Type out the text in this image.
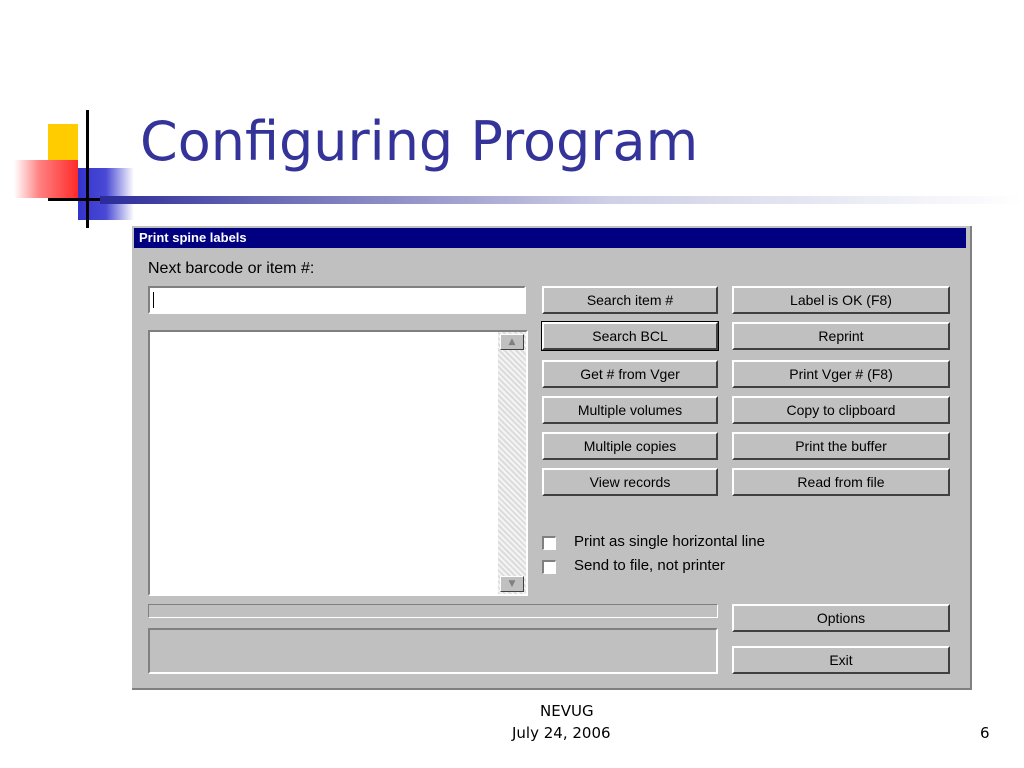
Configuring Program
Print spine labels
Next barcode or item #:
▲
▼
Search item #
Search BCL
Get # from Vger
Multiple volumes
Multiple copies
View records
Label is OK (F8)
Reprint
Print Vger # (F8)
Copy to clipboard
Print the buffer
Read from file
Print as single horizontal line
Send to file, not printer
Options
Exit
NEVUG
July 24, 2006	6
